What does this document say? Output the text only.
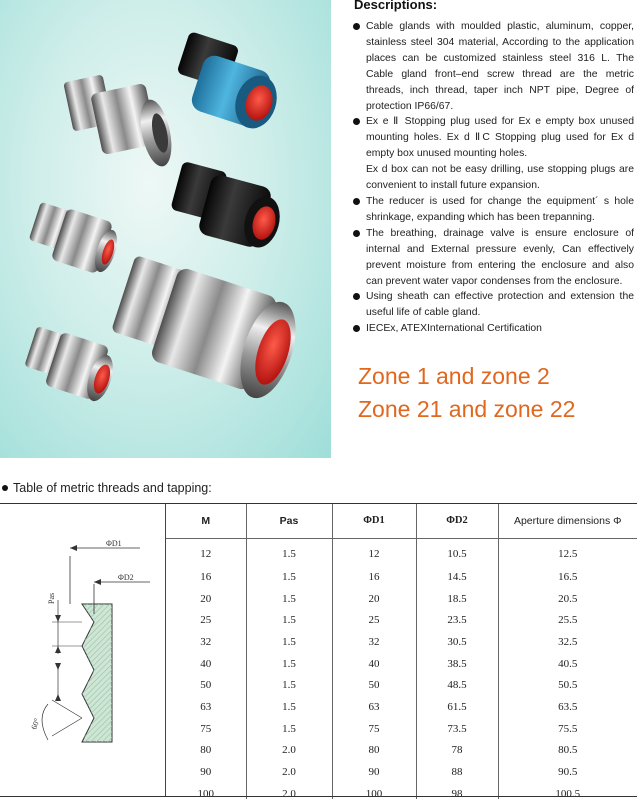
Descriptions:

Cable glands with moulded plastic, aluminum, copper, stainless steel 304 material, According to the application places can be customized stainless steel 316 L. The Cable gland front–end screw thread are the metric threads, inch thread, taper inch NPT pipe, Degree of protection IP66/67.

Ex e Ⅱ Stopping plug used for Ex e empty box unused mounting holes. Ex d ⅡC Stopping plug used for Ex d empty box unused mounting holes.
Ex d box can not be easy drilling, use stopping plugs are convenient to install future expansion.

The reducer is used for change the equipment´ s hole shrinkage, expanding which has been trepanning.

The breathing, drainage valve is ensure enclosure of internal and External pressure evenly, Can effectively prevent moisture from entering the enclosure and also can prevent water vapor condenses from the enclosure.

Using sheath can effective protection and extension the useful life of cable gland.

IECEx, ATEXInternational Certification

Zone 1 and zone 2
Zone 21 and zone 22
Table of metric threads and tapping:
ΦD1
ΦD2
Pas
60°
M	Pas	ΦD1	ΦD2	Aperture dimensions Φ
12	1.5	12	10.5	12.5
16	1.5	16	14.5	16.5
20	1.5	20	18.5	20.5
25	1.5	25	23.5	25.5
32	1.5	32	30.5	32.5
40	1.5	40	38.5	40.5
50	1.5	50	48.5	50.5
63	1.5	63	61.5	63.5
75	1.5	75	73.5	75.5
80	2.0	80	78	80.5
90	2.0	90	88	90.5
100	2.0	100	98	100.5
